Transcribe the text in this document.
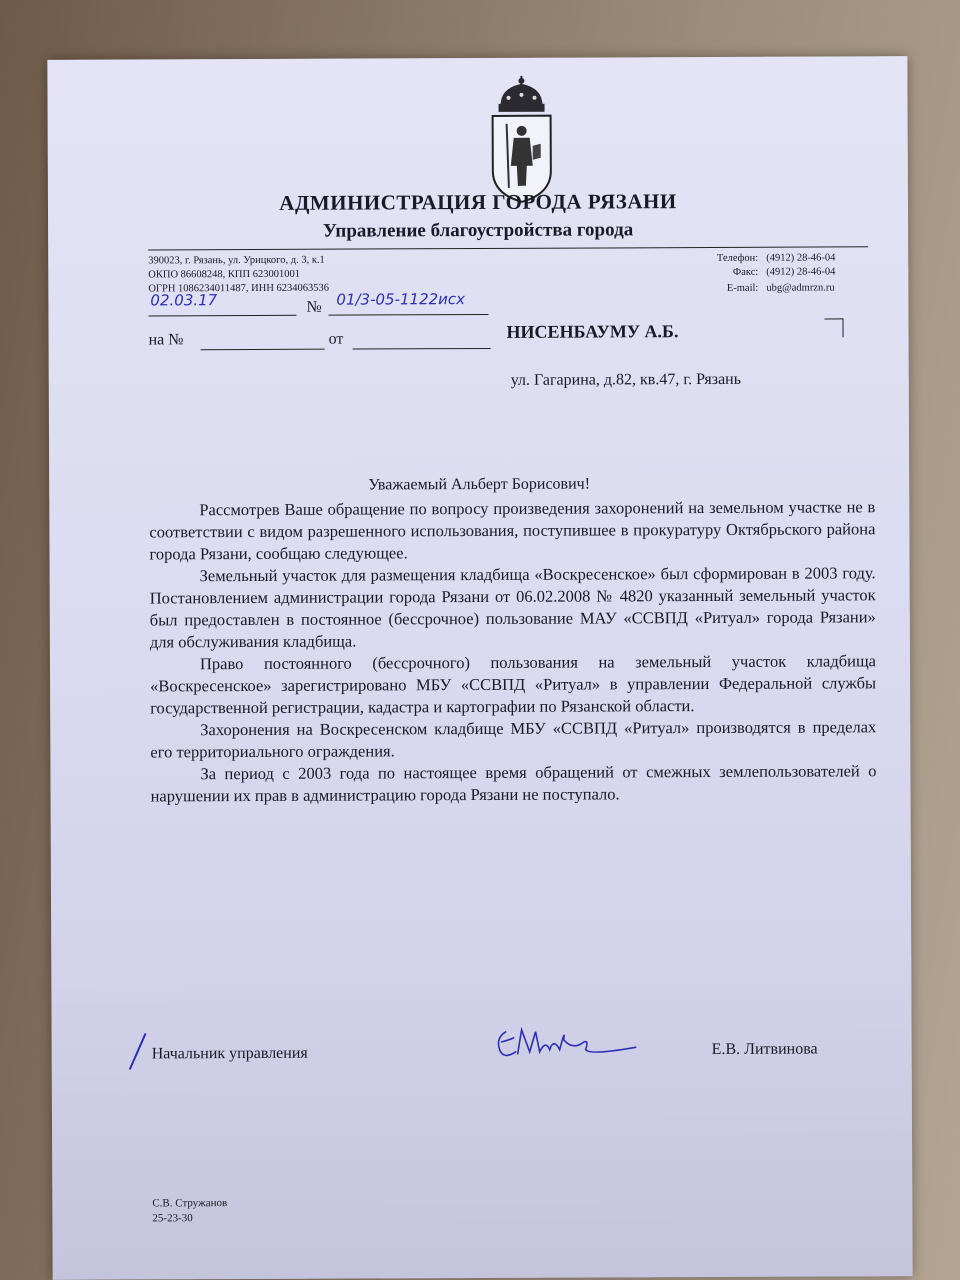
АДМИНИСТРАЦИЯ ГОРОДА РЯЗАНИ
Управление благоустройства города
390023, г. Рязань, ул. Урицкого, д. 3, к.1
ОКПО 86608248, КПП 623001001
ОГРН 1086234011487, ИНН 6234063536
Телефон: (4912) 28-46-04
Факс: (4912) 28-46-04
E-mail: ubg@admrzn.ru
02.03.17	№ 01/3-05-1122исх
на №	от	НИСЕНБАУМУ А.Б.
ул. Гагарина, д.82, кв.47, г. Рязань
Уважаемый Альберт Борисович!

Рассмотрев Ваше обращение по вопросу произведения захоронений на земельном участке не в соответствии с видом разрешенного использования, поступившее в прокуратуру Октябрьского района города Рязани, сообщаю следующее.

Земельный участок для размещения кладбища «Воскресенское» был сформирован в 2003 году. Постановлением администрации города Рязани от 06.02.2008 № 4820 указанный земельный участок был предоставлен в постоянное (бессрочное) пользование МАУ «ССВПД «Ритуал» города Рязани» для обслуживания кладбища.

Право постоянного (бессрочного) пользования на земельный участок кладбища «Воскресенское» зарегистрировано МБУ «ССВПД «Ритуал» в управлении Федеральной службы государственной регистрации, кадастра и картографии по Рязанской области.

Захоронения на Воскресенском кладбище МБУ «ССВПД «Ритуал» производятся в пределах его территориального ограждения.

За период с 2003 года по настоящее время обращений от смежных землепользователей о нарушении их прав в администрацию города Рязани не поступало.

Начальник управления	Е.В. Литвинова
С.В. Стружанов
25-23-30
